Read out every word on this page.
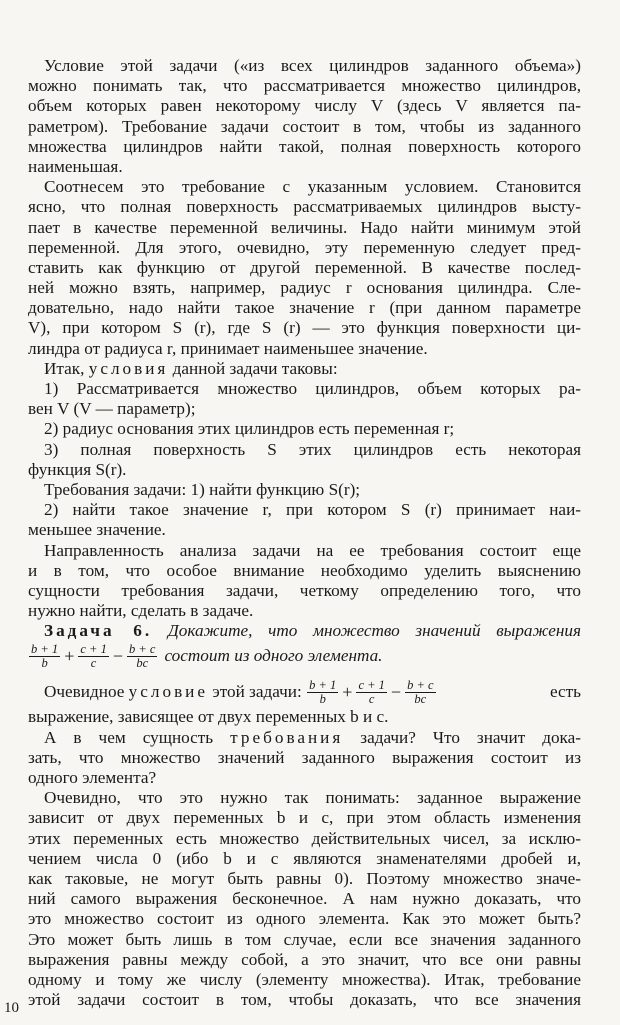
Условие этой задачи («из всех цилиндров заданного объема»)
можно понимать так, что рассматривается множество цилиндров,
объем которых равен некоторому числу V (здесь V является па-
раметром). Требование задачи состоит в том, чтобы из заданного
множества цилиндров найти такой, полная поверхность которого
наименьшая.
Соотнесем это требование с указанным условием. Становится
ясно, что полная поверхность рассматриваемых цилиндров высту-
пает в качестве переменной величины. Надо найти минимум этой
переменной. Для этого, очевидно, эту переменную следует пред-
ставить как функцию от другой переменной. В качестве послед-
ней можно взять, например, радиус r основания цилиндра. Сле-
довательно, надо найти такое значение r (при данном параметре
V), при котором S (r), где S (r) — это функция поверхности ци-
линдра от радиуса r, принимает наименьшее значение.
Итак, условия данной задачи таковы:
1) Рассматривается множество цилиндров, объем которых ра-
вен V (V — параметр);
2) радиус основания этих цилиндров есть переменная r;
3) полная поверхность S этих цилиндров есть некоторая
функция S(r).
Требования задачи: 1) найти функцию S(r);
2) найти такое значение r, при котором S (r) принимает наи-
меньшее значение.
Направленность анализа задачи на ее требования состоит еще
и в том, что особое внимание необходимо уделить выяснению
сущности требования задачи, четкому определению того, что
нужно найти, сделать в задаче.
Задача 6. Докажите, что множество значений выражения
$\frac{b + 1}{b} + \frac{c + 1}{c} - \frac{b + c}{bc}$ состоит из одного элемента.
Очевидное
условие
этой задачи:
$\frac{b + 1}{b} + \frac{c + 1}{c} - \frac{b + c}{bc}$	есть
выражение, зависящее от двух переменных b и c.
А в чем сущность требования задачи? Что значит дока-
зать, что множество значений заданного выражения состоит из
одного элемента?
Очевидно, что это нужно так понимать: заданное выражение
зависит от двух переменных b и c, при этом область изменения
этих переменных есть множество действительных чисел, за исклю-
чением числа 0 (ибо b и c являются знаменателями дробей и,
как таковые, не могут быть равны 0). Поэтому множество значе-
ний самого выражения бесконечное. А нам нужно доказать, что
это множество состоит из одного элемента. Как это может быть?
Это может быть лишь в том случае, если все значения заданного
выражения равны между собой, а это значит, что все они равны
одному и тому же числу (элементу множества). Итак, требование
этой задачи состоит в том, чтобы доказать, что все значения
10
